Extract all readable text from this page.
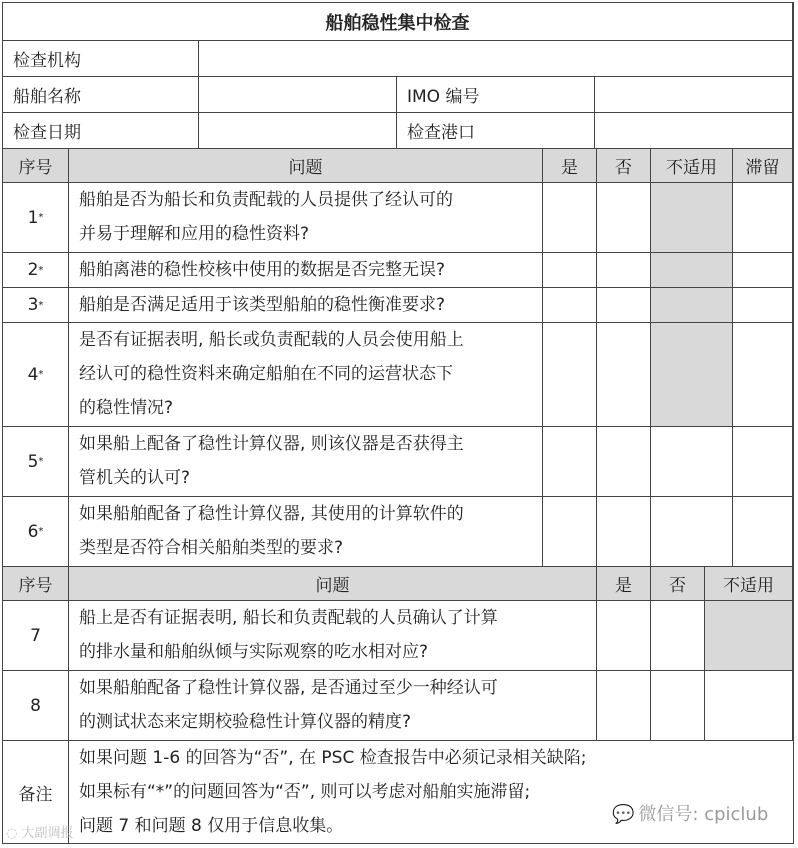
船舶稳性集中检查
检查机构
船舶名称	IMO 编号
检查日期	检查港口
序号	问题	是	否	不适用	滞留
1 *
船舶是否为船长和负责配载的人员提供了经认可的
并易于理解和应用的稳性资料?
2 * 船舶离港的稳性校核中使用的数据是否完整无误?
3 * 船舶是否满足适用于该类型船舶的稳性衡准要求?
4 *
是否有证据表明, 船长或负责配载的人员会使用船上
经认可的稳性资料来确定船舶在不同的运营状态下
的稳性情况?
5 *
如果船上配备了稳性计算仪器, 则该仪器是否获得主
管机关的认可?
6 *
如果船舶配备了稳性计算仪器, 其使用的计算软件的
类型是否符合相关船舶类型的要求?
序号	问题	是	否	不适用
7
船上是否有证据表明, 船长和负责配载的人员确认了计算
的排水量和船舶纵倾与实际观察的吃水相对应?
8
如果船舶配备了稳性计算仪器, 是否通过至少一种经认可
的测试状态来定期校验稳性计算仪器的精度?
备注
如果问题 1-6 的回答为“否”, 在 PSC 检查报告中必须记录相关缺陷;
如果标有“*”的问题回答为“否”, 则可以考虑对船舶实施滞留;
问题 7 和问题 8 仅用于信息收集。
💬 微信号: cpiclub
◌ 大副调报
